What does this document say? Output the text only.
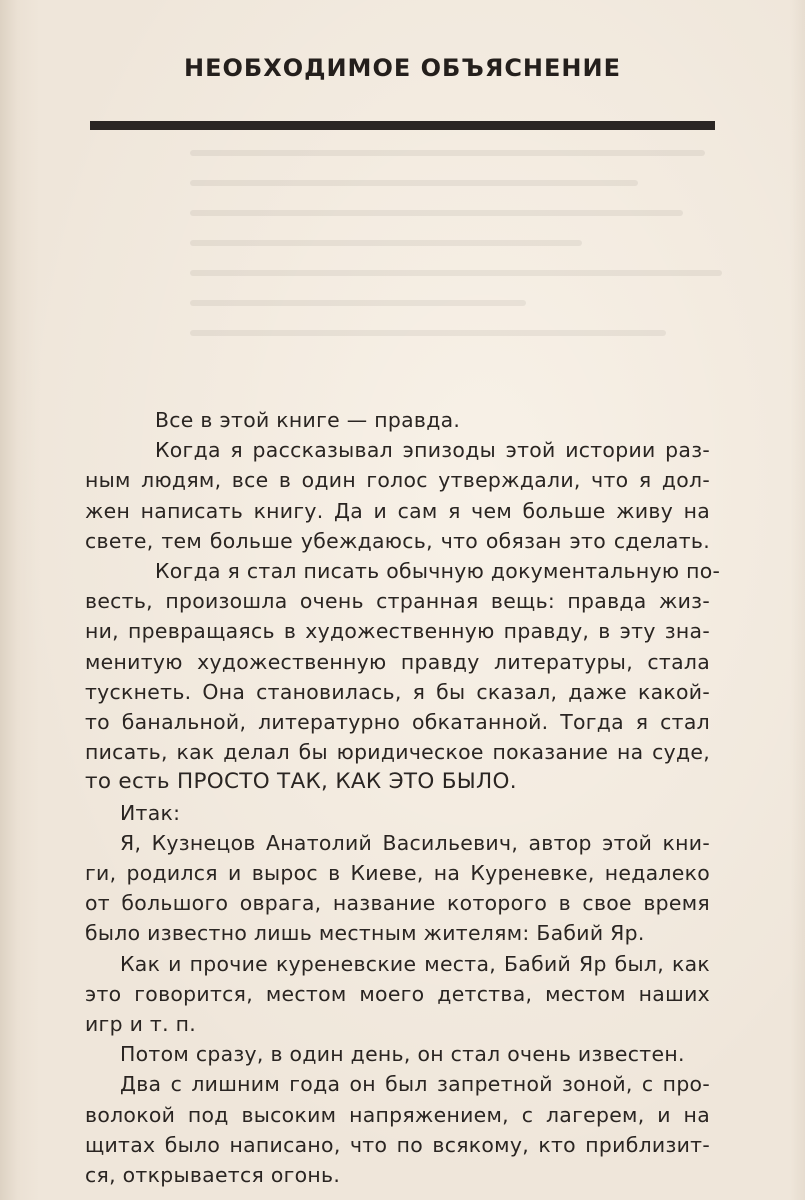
НЕОБХОДИМОЕ ОБЪЯСНЕНИЕ

Все в этой книге — правда.

Когда я рассказывал эпизоды этой истории раз-
ным людям, все в один голос утверждали, что я дол-
жен написать книгу. Да и сам я чем больше живу на
свете, тем больше убеждаюсь, что обязан это сделать.

Когда я стал писать обычную документальную по-
весть, произошла очень странная вещь: правда жиз-
ни, превращаясь в художественную правду, в эту зна-
менитую художественную правду литературы, стала
тускнеть. Она становилась, я бы сказал, даже какой-
то банальной, литературно обкатанной. Тогда я стал
писать, как делал бы юридическое показание на суде,
то есть ПРОСТО ТАК, КАК ЭТО БЫЛО.

Итак:

Я, Кузнецов Анатолий Васильевич, автор этой кни-
ги, родился и вырос в Киеве, на Куреневке, недалеко
от большого оврага, название которого в свое время
было известно лишь местным жителям: Бабий Яр.

Как и прочие куреневские места, Бабий Яр был, как
это говорится, местом моего детства, местом наших
игр и т. п.

Потом сразу, в один день, он стал очень известен.

Два с лишним года он был запретной зоной, с про-
волокой под высоким напряжением, с лагерем, и на
щитах было написано, что по всякому, кто приблизит-
ся, открывается огонь.
